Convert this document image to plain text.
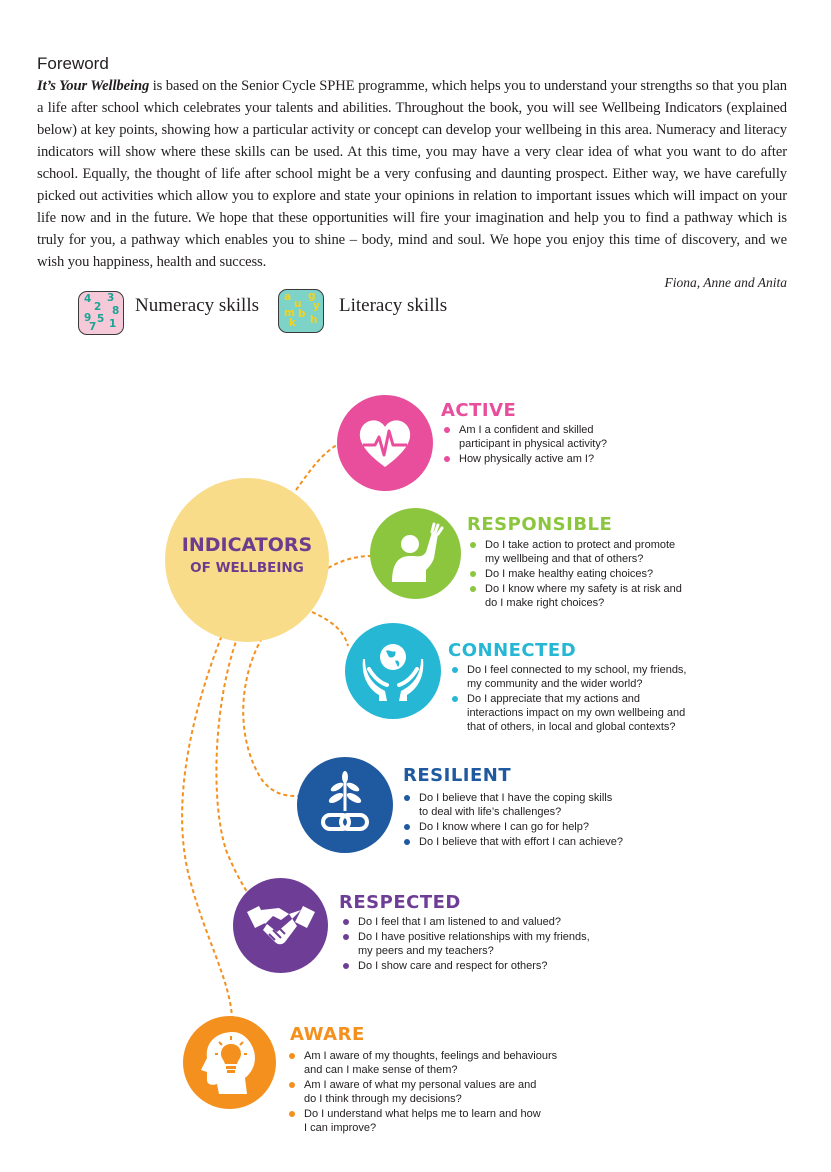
Foreword

It’s Your Wellbeing is based on the Senior Cycle SPHE programme, which helps you to understand your strengths so that you plan a life after school which celebrates your talents and abilities. Throughout the book, you will see Wellbeing Indicators (explained below) at key points, showing how a particular activity or concept can develop your wellbeing in this area. Numeracy and literacy indicators will show where these skills can be used. At this time, you may have a very clear idea of what you want to do after school. Equally, the thought of life after school might be a very confusing and daunting prospect. Either way, we have carefully picked out activities which allow you to explore and state your opinions in relation to important issues which will impact on your life now and in the future. We hope that these opportunities will fire your imagination and help you to find a pathway which is truly for you, a pathway which enables you to shine – body, mind and soul. We hope you enjoy this time of discovery, and we wish you happiness, health and success.

Fiona, Anne and Anita
4 3
2 8
9 5
7 1
Numeracy skills a g
u y
m b h
k
Literacy skills
INDICATORS
OF WELLBEING
ACTIVE
Am I a confident and skilled
participant in physical activity?
How physically active am I?
RESPONSIBLE
Do I take action to protect and promote
my wellbeing and that of others?
Do I make healthy eating choices?
Do I know where my safety is at risk and
do I make right choices?
CONNECTED
Do I feel connected to my school, my friends,
my community and the wider world?
Do I appreciate that my actions and
interactions impact on my own wellbeing and
that of others, in local and global contexts?
RESILIENT
Do I believe that I have the coping skills
to deal with life’s challenges?
Do I know where I can go for help?
Do I believe that with effort I can achieve?
RESPECTED
Do I feel that I am listened to and valued?
Do I have positive relationships with my friends,
my peers and my teachers?
Do I show care and respect for others?
AWARE
Am I aware of my thoughts, feelings and behaviours
and can I make sense of them?
Am I aware of what my personal values are and
do I think through my decisions?
Do I understand what helps me to learn and how
I can improve?
